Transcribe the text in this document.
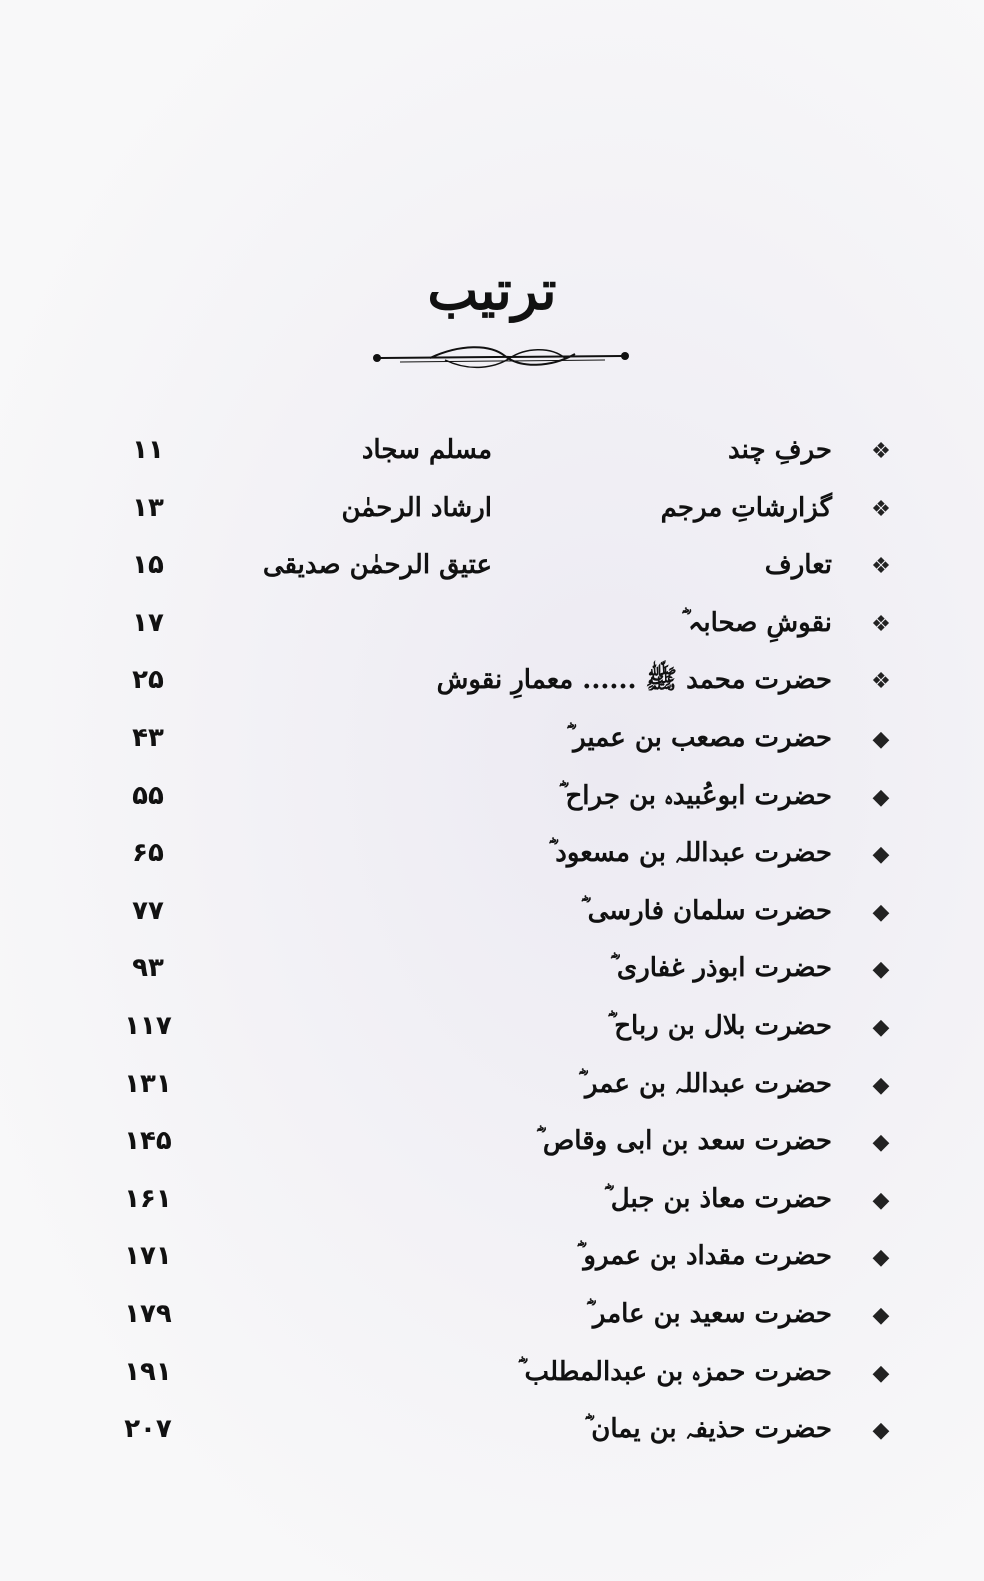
ترتیب
❖
حرفِ چند
مسلم سجاد
۱۱
❖
گزارشاتِ مرجم
ارشاد الرحمٰن
۱۳
❖
تعارف
عتیق الرحمٰن صدیقی
۱۵
❖
نقوشِ صحابہ ؓ
۱۷
❖
حضرت محمد ﷺ ...... معمارِ نقوش
۲۵
◆
حضرت مصعب بن عمیر ؓ
۴۳
◆
حضرت ابوعُبیدہ بن جراح ؓ
۵۵
◆
حضرت عبداللہ بن مسعود ؓ
۶۵
◆
حضرت سلمان فارسی ؓ
۷۷
◆
حضرت ابوذر غفاری ؓ
۹۳
◆
حضرت بلال بن رباح ؓ
۱۱۷
◆
حضرت عبداللہ بن عمر ؓ
۱۳۱
◆
حضرت سعد بن ابی وقاص ؓ
۱۴۵
◆
حضرت معاذ بن جبل ؓ
۱۶۱
◆
حضرت مقداد بن عمرو ؓ
۱۷۱
◆
حضرت سعید بن عامر ؓ
۱۷۹
◆
حضرت حمزہ بن عبدالمطلب ؓ
۱۹۱
◆
حضرت حذیفہ بن یمان ؓ
۲۰۷
